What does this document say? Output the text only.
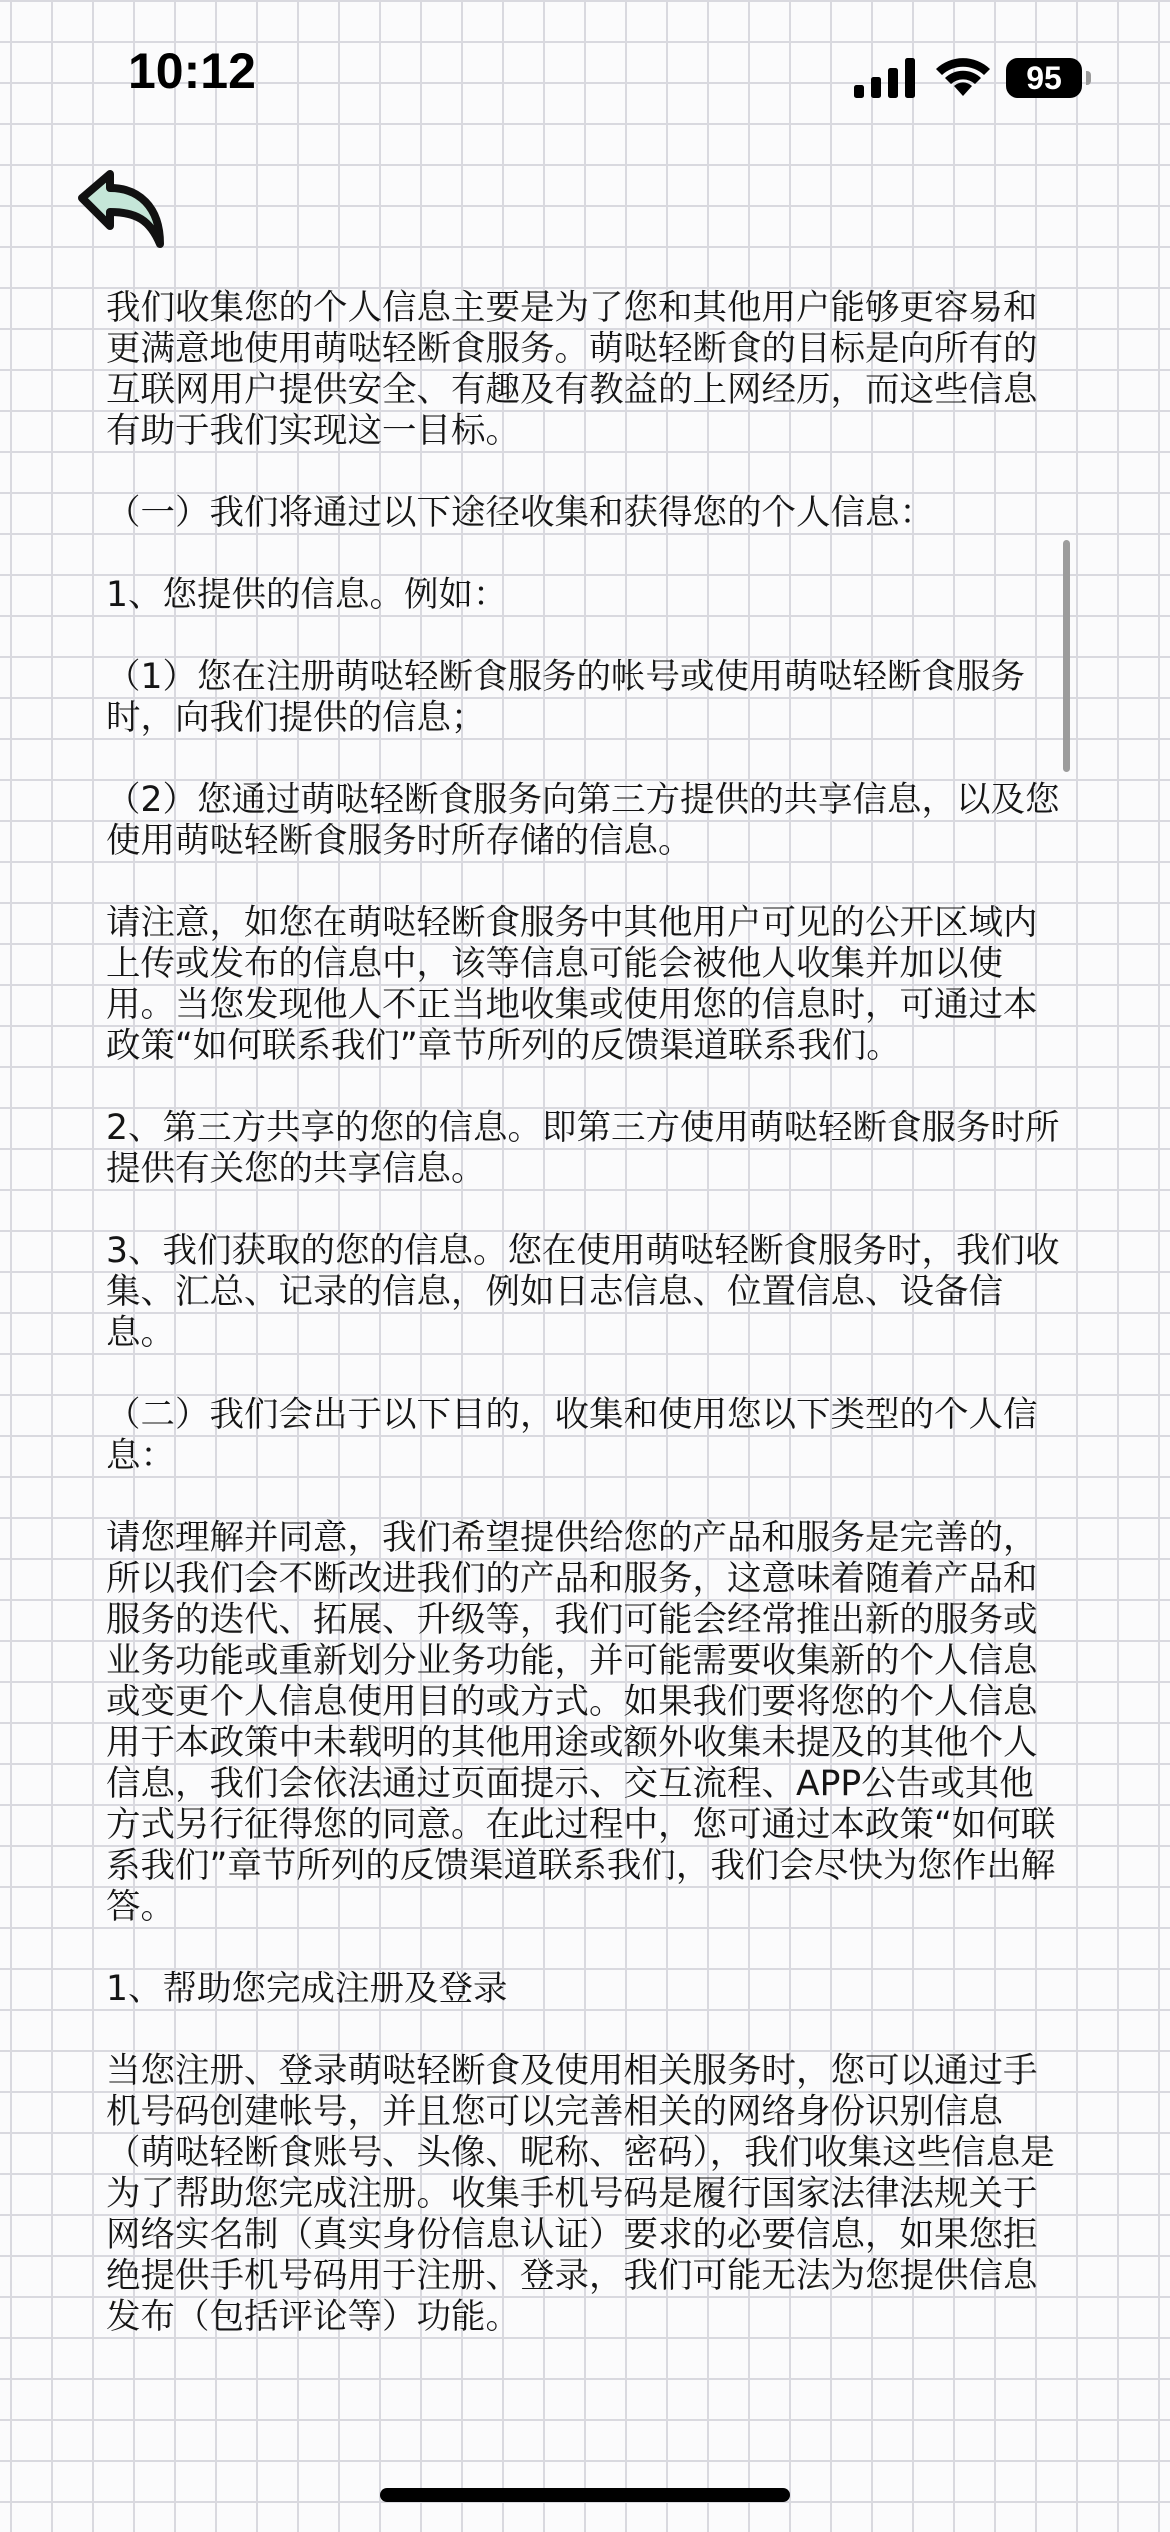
10:12	95

我们收集您的个人信息主要是为了您和其他用户能够更容易和更满意地使用萌哒轻断食服务。萌哒轻断食的目标是向所有的互联网用户提供安全、有趣及有教益的上网经历，而这些信息有助于我们实现这一目标。

（一）我们将通过以下途径收集和获得您的个人信息：

1、您提供的信息。例如：

（1）您在注册萌哒轻断食服务的帐号或使用萌哒轻断食服务时，向我们提供的信息；

（2）您通过萌哒轻断食服务向第三方提供的共享信息，以及您使用萌哒轻断食服务时所存储的信息。

请注意，如您在萌哒轻断食服务中其他用户可见的公开区域内上传或发布的信息中，该等信息可能会被他人收集并加以使用。当您发现他人不正当地收集或使用您的信息时，可通过本政策“如何联系我们”章节所列的反馈渠道联系我们。

2、第三方共享的您的信息。即第三方使用萌哒轻断食服务时所提供有关您的共享信息。

3、我们获取的您的信息。您在使用萌哒轻断食服务时，我们收集、汇总、记录的信息，例如日志信息、位置信息、设备信息。

（二）我们会出于以下目的，收集和使用您以下类型的个人信息：

请您理解并同意，我们希望提供给您的产品和服务是完善的，所以我们会不断改进我们的产品和服务，这意味着随着产品和服务的迭代、拓展、升级等，我们可能会经常推出新的服务或业务功能或重新划分业务功能，并可能需要收集新的个人信息或变更个人信息使用目的或方式。如果我们要将您的个人信息用于本政策中未载明的其他用途或额外收集未提及的其他个人信息，我们会依法通过页面提示、交互流程、APP公告或其他方式另行征得您的同意。在此过程中，您可通过本政策“如何联系我们”章节所列的反馈渠道联系我们，我们会尽快为您作出解答。

1、帮助您完成注册及登录

当您注册、登录萌哒轻断食及使用相关服务时，您可以通过手机号码创建帐号，并且您可以完善相关的网络身份识别信息（萌哒轻断食账号、头像、昵称、密码），我们收集这些信息是为了帮助您完成注册。收集手机号码是履行国家法律法规关于网络实名制（真实身份信息认证）要求的必要信息，如果您拒绝提供手机号码用于注册、登录，我们可能无法为您提供信息发布（包括评论等）功能。
